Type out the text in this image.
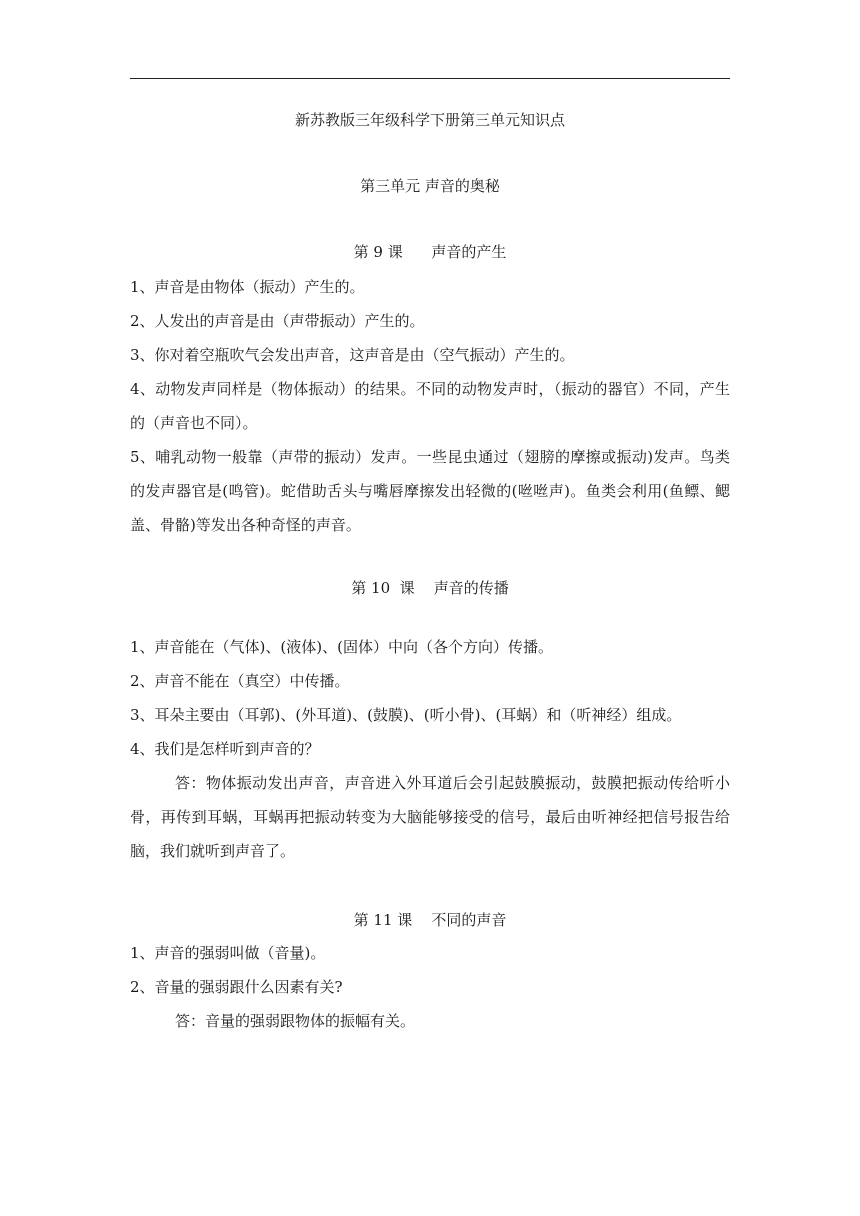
新苏教版三年级科学下册第三单元知识点

第三单元 声音的奥秘

第 9 课      声音的产生

1、声音是由物体（振动）产生的。

2、人发出的声音是由（声带振动）产生的。

3、你对着空瓶吹气会发出声音，这声音是由（空气振动）产生的。

4、动物发声同样是（物体振动）的结果。不同的动物发声时，（振动的器官）不同，产生的（声音也不同）。

5、哺乳动物一般靠（声带的振动）发声。一些昆虫通过（翅膀的摩擦或振动)发声。鸟类的发声器官是(鸣管)。蛇借助舌头与嘴唇摩擦发出轻微的(咝咝声)。鱼类会利用(鱼鳔、鳃盖、骨骼)等发出各种奇怪的声音。

第 10  课    声音的传播

1、声音能在（气体)、(液体)、(固体）中向（各个方向）传播。

2、声音不能在（真空）中传播。

3、耳朵主要由（耳郭)、(外耳道)、(鼓膜)、(听小骨)、(耳蜗）和（听神经）组成。

4、我们是怎样听到声音的？

答：物体振动发出声音，声音进入外耳道后会引起鼓膜振动，鼓膜把振动传给听小骨，再传到耳蜗，耳蜗再把振动转变为大脑能够接受的信号，最后由听神经把信号报告给脑，我们就听到声音了。

第 11 课    不同的声音

1、声音的强弱叫做（音量)。

2、音量的强弱跟什么因素有关?

答：音量的强弱跟物体的振幅有关。
